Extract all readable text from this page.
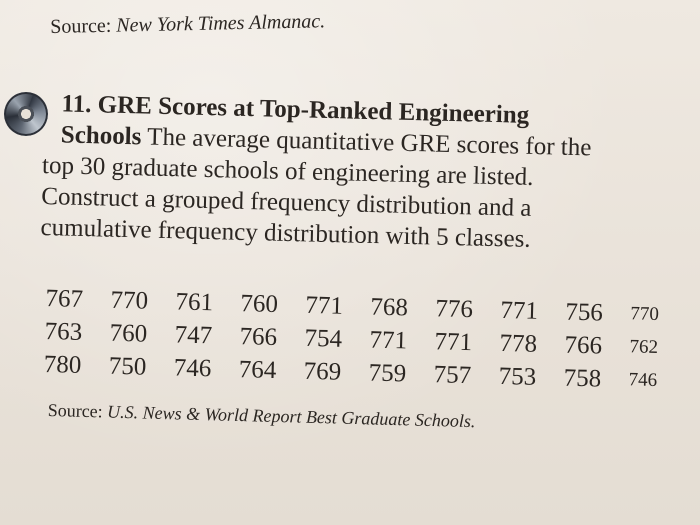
Source: New York Times Almanac.
11. GRE Scores at Top-Ranked Engineering
Schools The average quantitative GRE scores for the
top 30 graduate schools of engineering are listed.
Construct a grouped frequency distribution and a
cumulative frequency distribution with 5 classes.
767	770	761	760	771	768	776	771	756	770
763	760	747	766	754	771	771	778	766	762
780	750	746	764	769	759	757	753	758	746
Source: U.S. News & World Report Best Graduate Schools.
